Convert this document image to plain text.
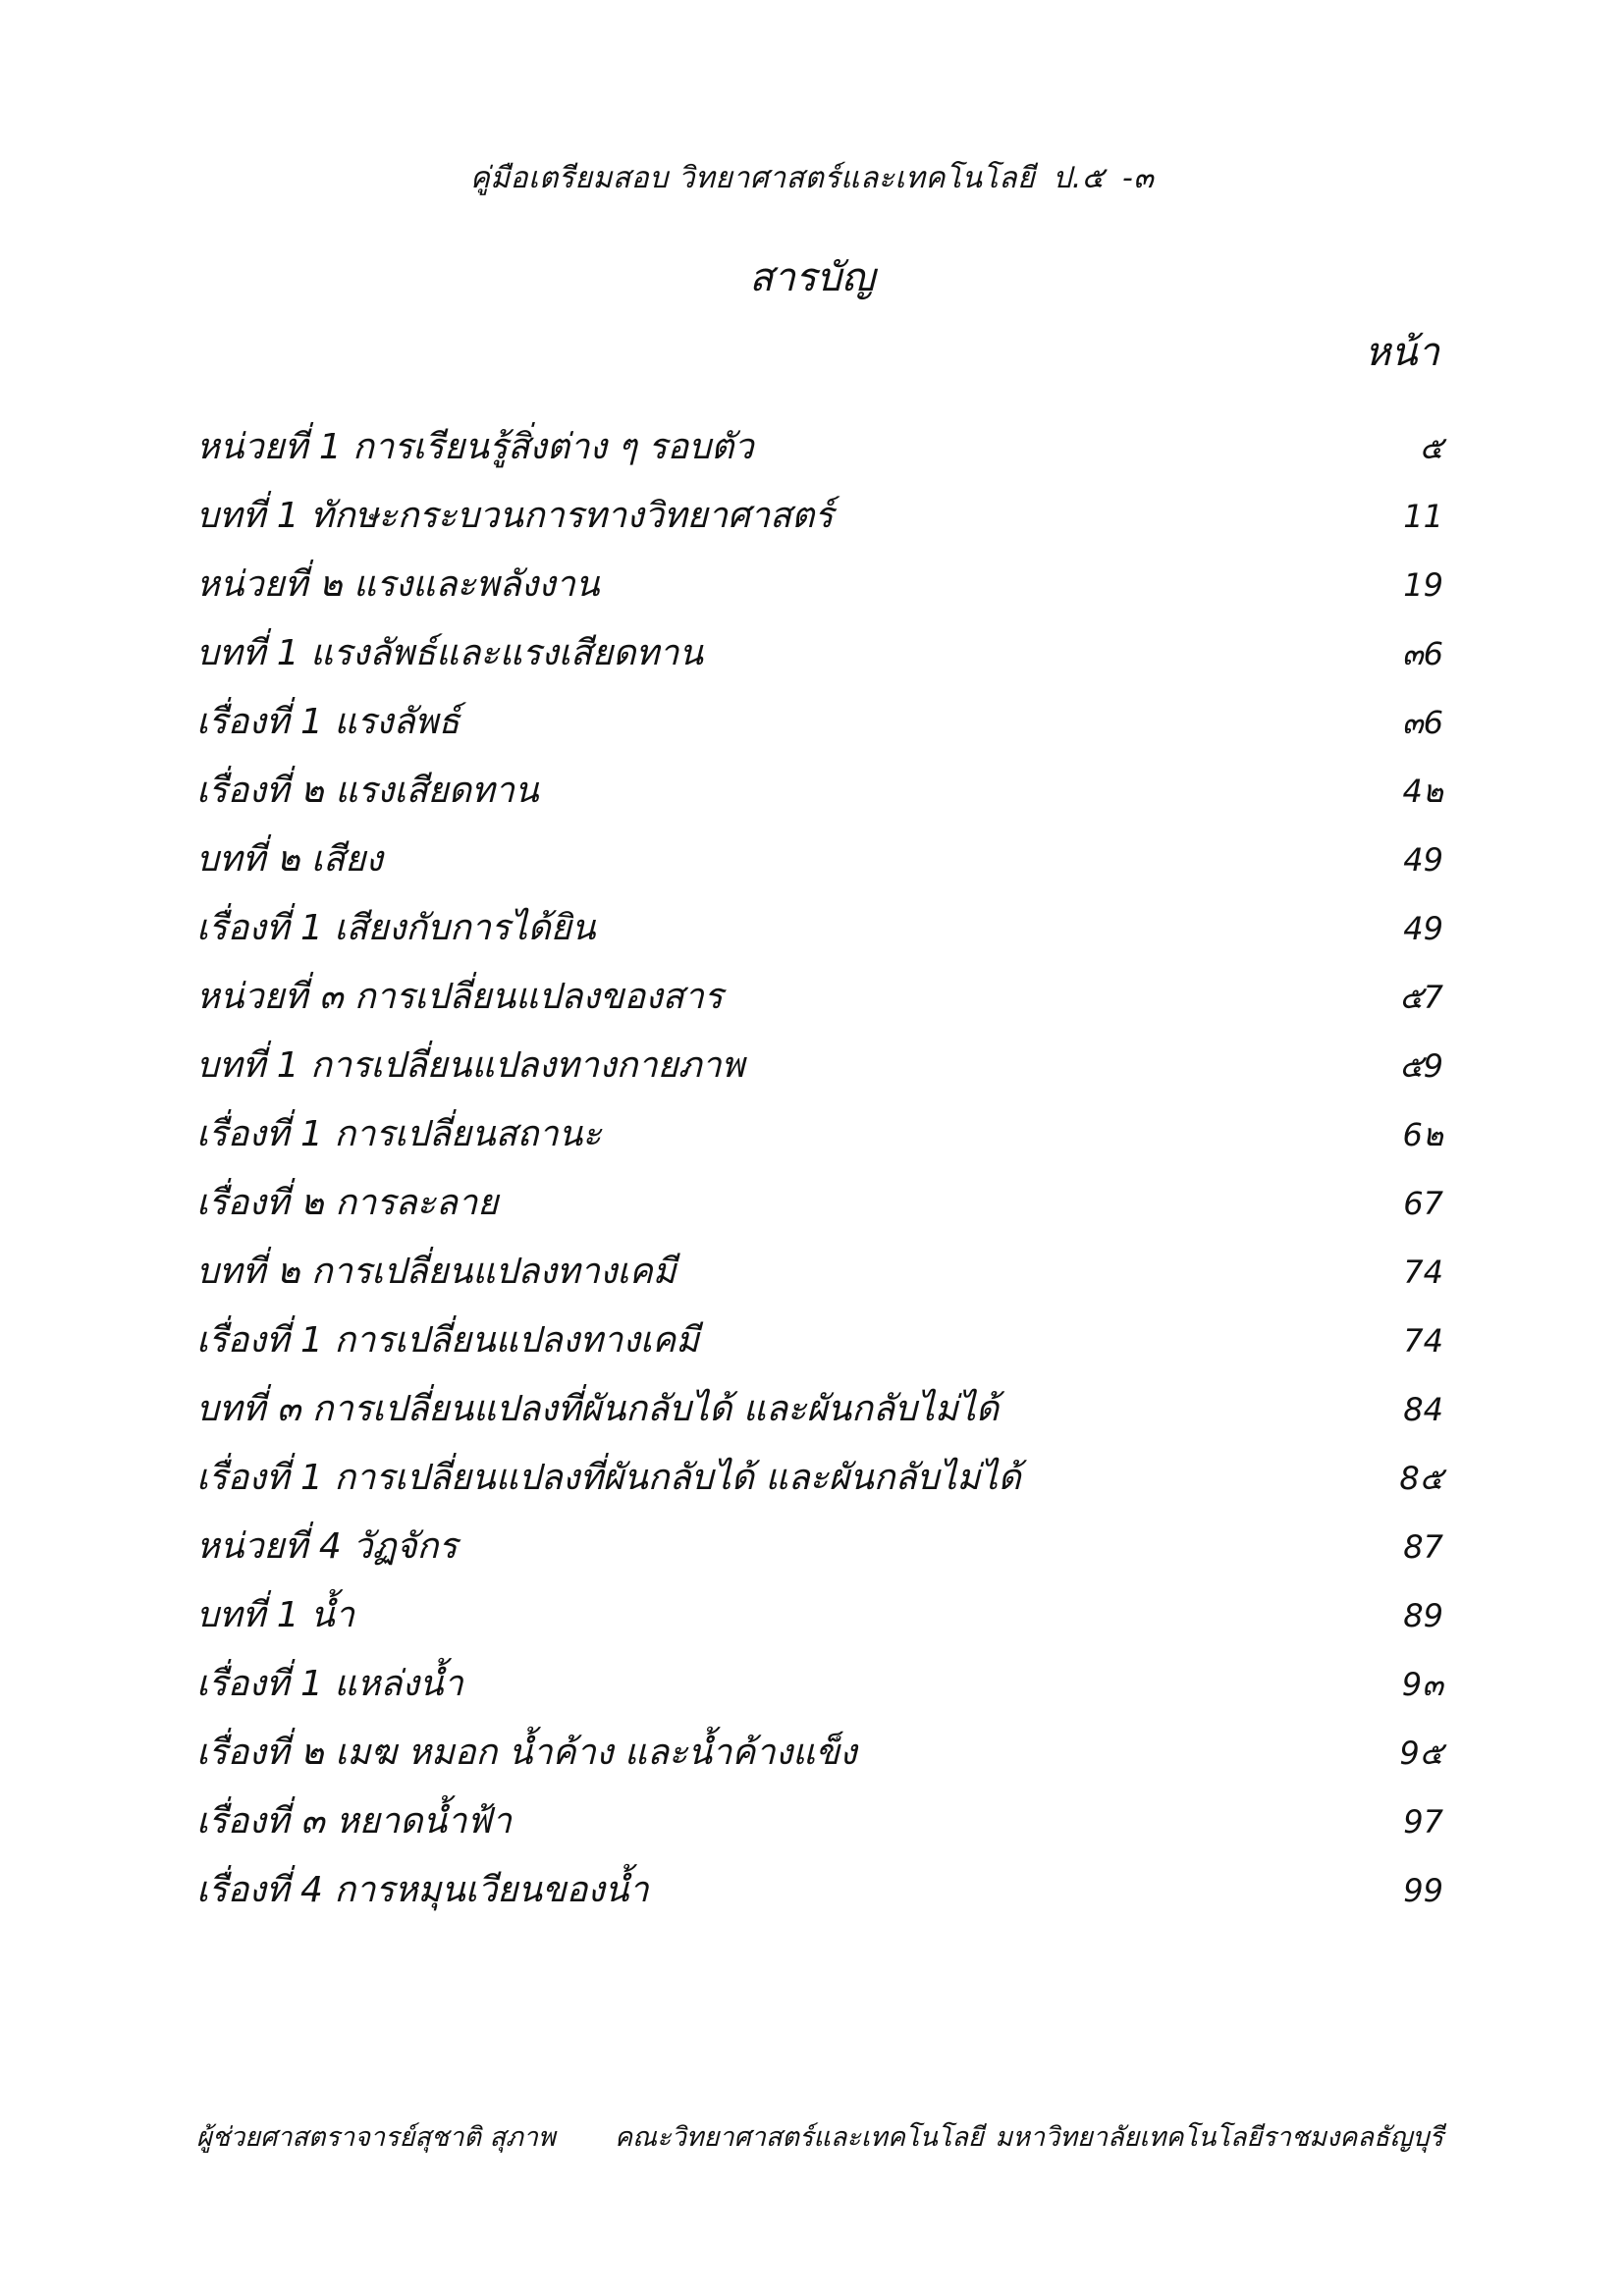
คู่มือเตรียมสอบ วิทยาศาสตร์และเทคโนโลยี ป.๕ -๓
สารบัญ
หน้า
หน่วยที่ 1 การเรียนรู้สิ่งต่าง ๆ รอบตัว	๕
บทที่ 1 ทักษะกระบวนการทางวิทยาศาสตร์	11
หน่วยที่ ๒ แรงและพลังงาน	19
บทที่ 1 แรงลัพธ์และแรงเสียดทาน	๓6
เรื่องที่ 1 แรงลัพธ์	๓6
เรื่องที่ ๒ แรงเสียดทาน	4๒
บทที่ ๒ เสียง	49
เรื่องที่ 1 เสียงกับการได้ยิน	49
หน่วยที่ ๓ การเปลี่ยนแปลงของสาร	๕7
บทที่ 1 การเปลี่ยนแปลงทางกายภาพ	๕9
เรื่องที่ 1 การเปลี่ยนสถานะ	6๒
เรื่องที่ ๒ การละลาย	67
บทที่ ๒ การเปลี่ยนแปลงทางเคมี	74
เรื่องที่ 1 การเปลี่ยนแปลงทางเคมี	74
บทที่ ๓ การเปลี่ยนแปลงที่ผันกลับได้ และผันกลับไม่ได้	84
เรื่องที่ 1 การเปลี่ยนแปลงที่ผันกลับได้ และผันกลับไม่ได้	8๕
หน่วยที่ 4 วัฏจักร	87
บทที่ 1 น้ำ	89
เรื่องที่ 1 แหล่งน้ำ	9๓
เรื่องที่ ๒ เมฆ หมอก น้ำค้าง และน้ำค้างแข็ง	9๕
เรื่องที่ ๓ หยาดน้ำฟ้า	97
เรื่องที่ 4 การหมุนเวียนของน้ำ	99
ผู้ช่วยศาสตราจารย์สุชาติ สุภาพ คณะวิทยาศาสตร์และเทคโนโลยี มหาวิทยาลัยเทคโนโลยีราชมงคลธัญบุรี
